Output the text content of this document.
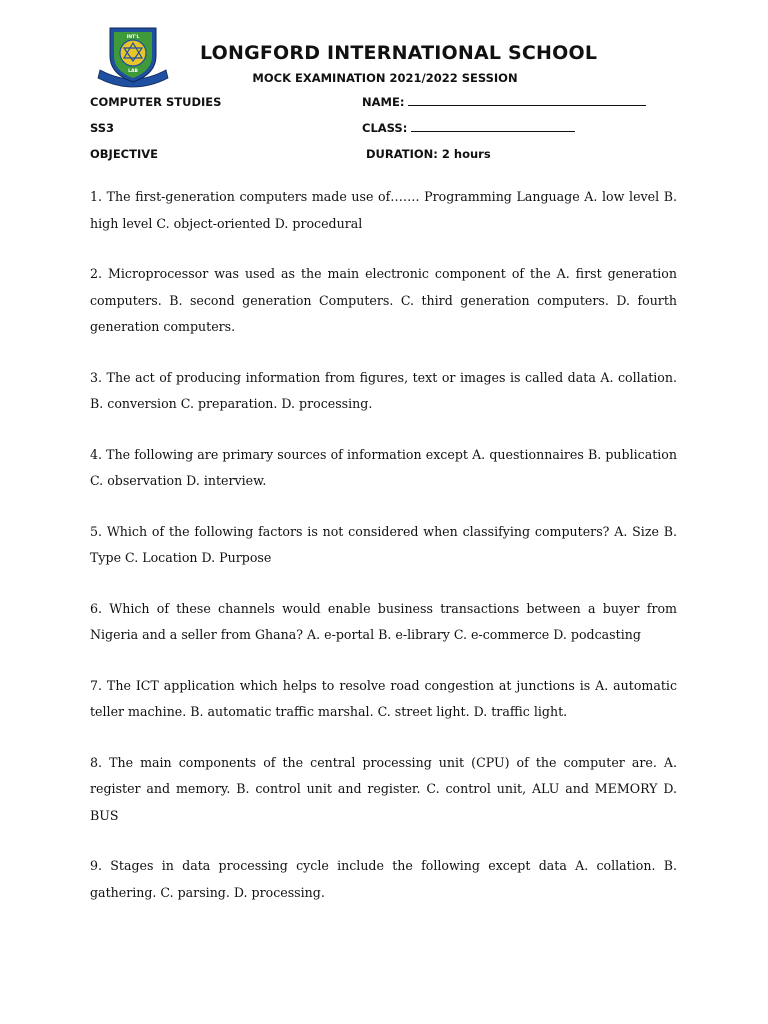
INT'L
LAB
LONGFORD INTERNATIONAL SCHOOL
MOCK EXAMINATION 2021/2022 SESSION
COMPUTER STUDIES	NAME:
SS3	CLASS:
OBJECTIVE	DURATION: 2 hours

1. The first-generation computers made use of……. Programming Language A. low level B. high level C. object-oriented D. procedural

2. Microprocessor was used as the main electronic component of the A. first generation computers. B. second generation Computers. C. third generation computers. D. fourth generation computers.

3. The act of producing information from figures, text or images is called data A. collation. B. conversion C. preparation. D. processing.

4. The following are primary sources of information except A. questionnaires B. publication C. observation D. interview.

5. Which of the following factors is not considered when classifying computers? A. Size B. Type C. Location D. Purpose

6. Which of these channels would enable business transactions between a buyer from Nigeria and a seller from Ghana? A. e-portal B. e-library C. e-commerce D. podcasting

7. The ICT application which helps to resolve road congestion at junctions is A. automatic teller machine. B. automatic traffic marshal. C. street light. D. traffic light.

8. The main components of the central processing unit (CPU) of the computer are. A. register and memory. B. control unit and register. C. control unit, ALU and MEMORY D. BUS

9. Stages in data processing cycle include the following except data A. collation. B. gathering. C. parsing. D. processing.
